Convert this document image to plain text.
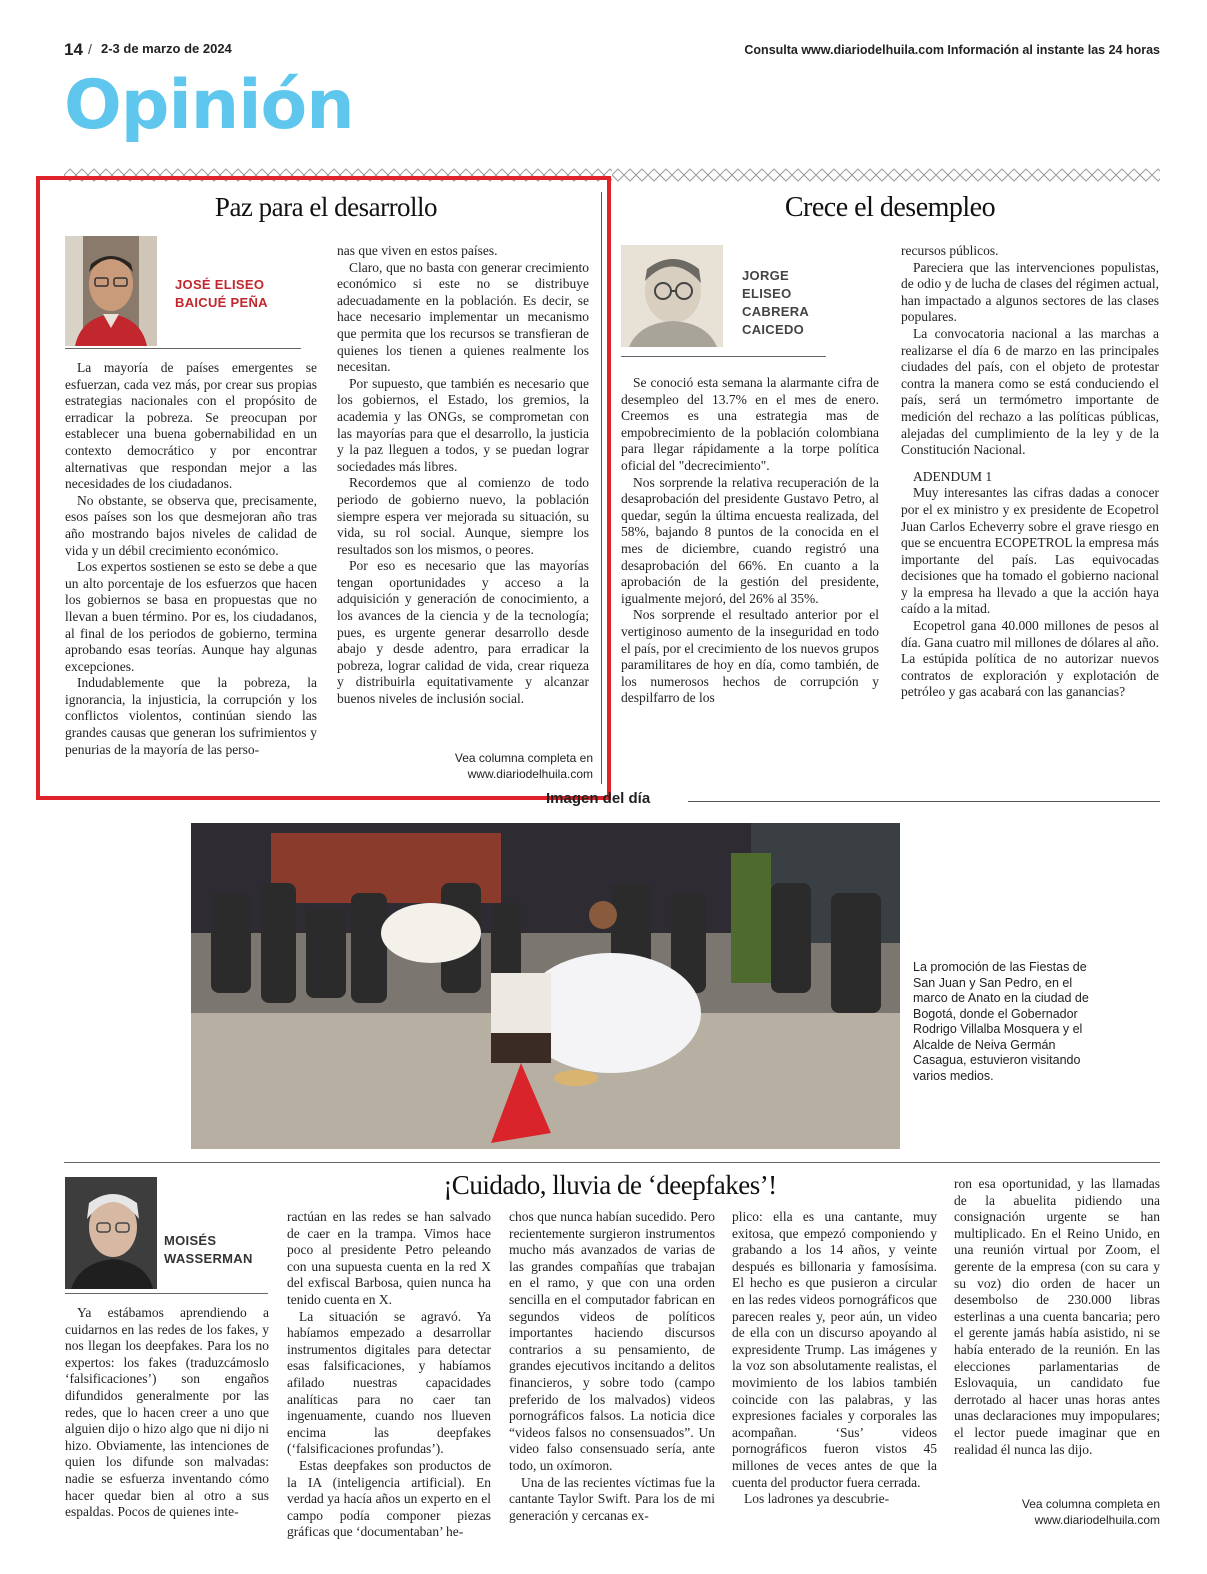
14 / 2-3 de marzo de 2024	Consulta www.diariodelhuila.com Información al instante las 24 horas
Opinión
Paz para el desarrollo
JOSÉ ELISEO
BAICUÉ PEÑA

La mayoría de países emergentes se esfuerzan, cada vez más, por crear sus propias estrategias nacionales con el propósito de erradicar la pobreza. Se preocupan por establecer una buena gobernabilidad en un contexto democrático y por encontrar alternativas que respondan mejor a las necesidades de los ciudadanos.

No obstante, se observa que, precisamente, esos países son los que desmejoran año tras año mostrando bajos niveles de calidad de vida y un débil crecimiento económico.

Los expertos sostienen se esto se debe a que un alto porcentaje de los esfuerzos que hacen los gobiernos se basa en propuestas que no llevan a buen término. Por es, los ciudadanos, al final de los periodos de gobierno, termina aprobando esas teorías. Aunque hay algunas excepciones.

Indudablemente que la pobreza, la ignorancia, la injusticia, la corrupción y los conflictos violentos, continúan siendo las grandes causas que generan los sufrimientos y penurias de la mayoría de las perso-

nas que viven en estos países.

Claro, que no basta con generar crecimiento económico si este no se distribuye adecuadamente en la población. Es decir, se hace necesario implementar un mecanismo que permita que los recursos se transfieran de quienes los tienen a quienes realmente los necesitan.

Por supuesto, que también es necesario que los gobiernos, el Estado, los gremios, la academia y las ONGs, se comprometan con las mayorías para que el desarrollo, la justicia y la paz lleguen a todos, y se puedan lograr sociedades más libres.

Recordemos que al comienzo de todo periodo de gobierno nuevo, la población siempre espera ver mejorada su situación, su vida, su rol social. Aunque, siempre los resultados son los mismos, o peores.

Por eso es necesario que las mayorías tengan oportunidades y acceso a la adquisición y generación de conocimiento, a los avances de la ciencia y de la tecnología; pues, es urgente generar desarrollo desde abajo y desde adentro, para erradicar la pobreza, lograr calidad de vida, crear riqueza y distribuirla equitativamente y alcanzar buenos niveles de inclusión social.

Vea columna completa en
www.diariodelhuila.com
Crece el desempleo
JORGE
ELISEO
CABRERA
CAICEDO

Se conoció esta semana la alarmante cifra de desempleo del 13.7% en el mes de enero. Creemos es una estrategia mas de empobrecimiento de la población colombiana para llegar rápidamente a la torpe política oficial del "decrecimiento".

Nos sorprende la relativa recuperación de la desaprobación del presidente Gustavo Petro, al quedar, según la última encuesta realizada, del 58%, bajando 8 puntos de la conocida en el mes de diciembre, cuando registró una desaprobación del 66%. En cuanto a la aprobación de la gestión del presidente, igualmente mejoró, del 26% al 35%.

Nos sorprende el resultado anterior por el vertiginoso aumento de la inseguridad en todo el país, por el crecimiento de los nuevos grupos paramilitares de hoy en día, como también, de los numerosos hechos de corrupción y despilfarro de los

recursos públicos.

Pareciera que las intervenciones populistas, de odio y de lucha de clases del régimen actual, han impactado a algunos sectores de las clases populares.

La convocatoria nacional a las marchas a realizarse el día 6 de marzo en las principales ciudades del país, con el objeto de protestar contra la manera como se está conduciendo el país, será un termómetro importante de medición del rechazo a las políticas públicas, alejadas del cumplimiento de la ley y de la Constitución Nacional.

ADENDUM 1

Muy interesantes las cifras dadas a conocer por el ex ministro y ex presidente de Ecopetrol Juan Carlos Echeverry sobre el grave riesgo en que se encuentra ECOPETROL la empresa más importante del país. Las equivocadas decisiones que ha tomado el gobierno nacional y la empresa ha llevado a que la acción haya caído a la mitad.

Ecopetrol gana 40.000 millones de pesos al día. Gana cuatro mil millones de dólares al año. La estúpida política de no autorizar nuevos contratos de exploración y explotación de petróleo y gas acabará con las ganancias?

Imagen del día
La promoción de las Fiestas de San Juan y San Pedro, en el marco de Anato en la ciudad de Bogotá, donde el Gobernador Rodrigo Villalba Mosquera y el Alcalde de Neiva Germán Casagua, estuvieron visitando varios medios.
¡Cuidado, lluvia de ‘deepfakes’!
MOISÉS
WASSERMAN

Ya estábamos aprendiendo a cuidarnos en las redes de los fakes, y nos llegan los deepfakes. Para los no expertos: los fakes (traduzcámoslo ‘falsificaciones’) son engaños difundidos generalmente por las redes, que lo hacen creer a uno que alguien dijo o hizo algo que ni dijo ni hizo. Obviamente, las intenciones de quien los difunde son malvadas: nadie se esfuerza inventando cómo hacer quedar bien al otro a sus espaldas. Pocos de quienes inte-

ractúan en las redes se han salvado de caer en la trampa. Vimos hace poco al presidente Petro peleando con una supuesta cuenta en la red X del exfiscal Barbosa, quien nunca ha tenido cuenta en X.

La situación se agravó. Ya habíamos empezado a desarrollar instrumentos digitales para detectar esas falsificaciones, y habíamos afilado nuestras capacidades analíticas para no caer tan ingenuamente, cuando nos llueven encima las deepfakes (‘falsificaciones profundas’).

Estas deepfakes son productos de la IA (inteligencia artificial). En verdad ya hacía años un experto en el campo podía componer piezas gráficas que ‘documentaban’ he-

chos que nunca habían sucedido. Pero recientemente surgieron instrumentos mucho más avanzados de varias de las grandes compañías que trabajan en el ramo, y que con una orden sencilla en el computador fabrican en segundos videos de políticos importantes haciendo discursos contrarios a su pensamiento, de grandes ejecutivos incitando a delitos financieros, y sobre todo (campo preferido de los malvados) videos pornográficos falsos. La noticia dice “videos falsos no consensuados”. Un video falso consensuado sería, ante todo, un oxímoron.

Una de las recientes víctimas fue la cantante Taylor Swift. Para los de mi generación y cercanas ex-

plico: ella es una cantante, muy exitosa, que empezó componiendo y grabando a los 14 años, y veinte después es billonaria y famosísima. El hecho es que pusieron a circular en las redes videos pornográficos que parecen reales y, peor aún, un video de ella con un discurso apoyando al expresidente Trump. Las imágenes y la voz son absolutamente realistas, el movimiento de los labios también coincide con las palabras, y las expresiones faciales y corporales las acompañan. ‘Sus’ videos pornográficos fueron vistos 45 millones de veces antes de que la cuenta del productor fuera cerrada.

Los ladrones ya descubrie-

ron esa oportunidad, y las llamadas de la abuelita pidiendo una consignación urgente se han multiplicado. En el Reino Unido, en una reunión virtual por Zoom, el gerente de la empresa (con su cara y su voz) dio orden de hacer un desembolso de 230.000 libras esterlinas a una cuenta bancaria; pero el gerente jamás había asistido, ni se había enterado de la reunión. En las elecciones parlamentarias de Eslovaquia, un candidato fue derrotado al hacer unas horas antes unas declaraciones muy impopulares; el lector puede imaginar que en realidad él nunca las dijo.

Vea columna completa en
www.diariodelhuila.com
